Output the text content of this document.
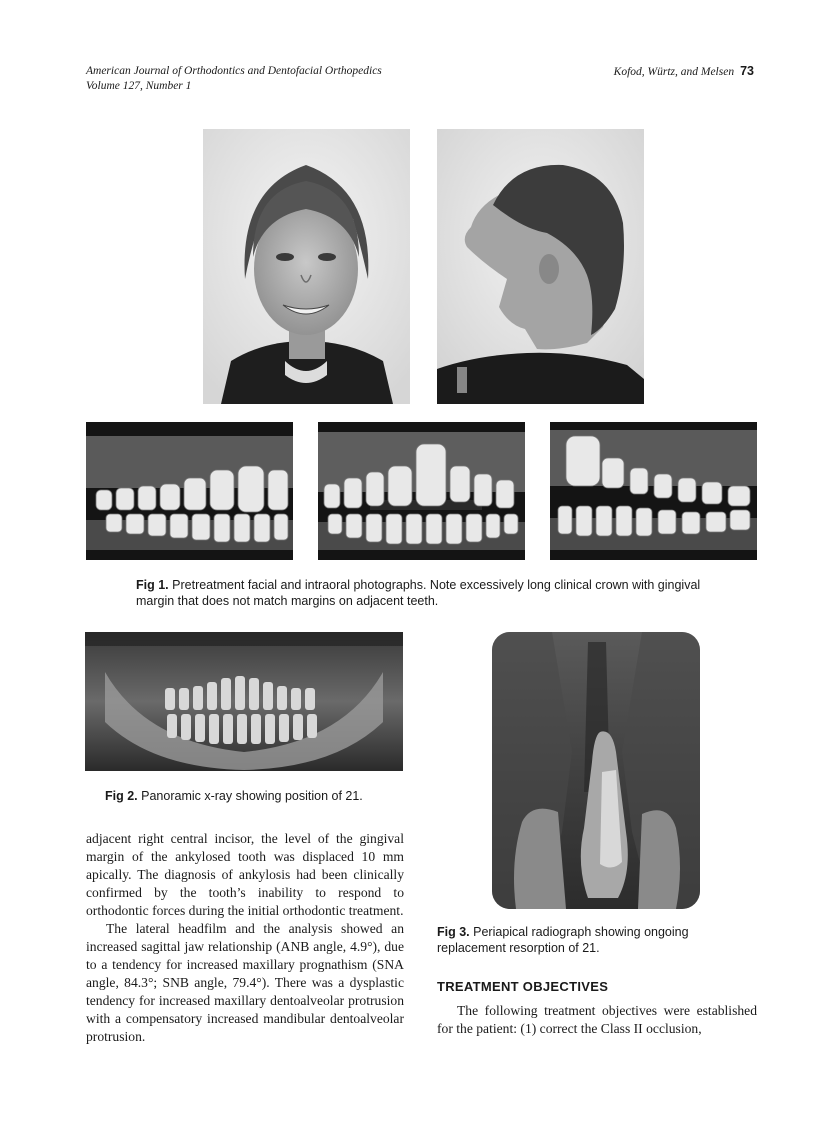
American Journal of Orthodontics and Dentofacial Orthopedics
Volume 127, Number 1
Kofod, Würtz, and Melsen 73
Fig 1. Pretreatment facial and intraoral photographs. Note excessively long clinical crown with gingival margin that does not match margins on adjacent teeth.
Fig 2. Panoramic x-ray showing position of 21.
Fig 3. Periapical radiograph showing ongoing replacement resorption of 21.

adjacent right central incisor, the level of the gingival margin of the ankylosed tooth was displaced 10 mm apically. The diagnosis of ankylosis had been clinically confirmed by the tooth’s inability to respond to orthodontic forces during the initial orthodontic treatment.

The lateral headfilm and the analysis showed an increased sagittal jaw relationship (ANB angle, 4.9°), due to a tendency for increased maxillary prognathism (SNA angle, 84.3°; SNB angle, 79.4°). There was a dysplastic tendency for increased maxillary dentoalveolar protrusion with a compensatory increased mandibular dentoalveolar protrusion.

TREATMENT OBJECTIVES

The following treatment objectives were established for the patient: (1) correct the Class II occlusion,
